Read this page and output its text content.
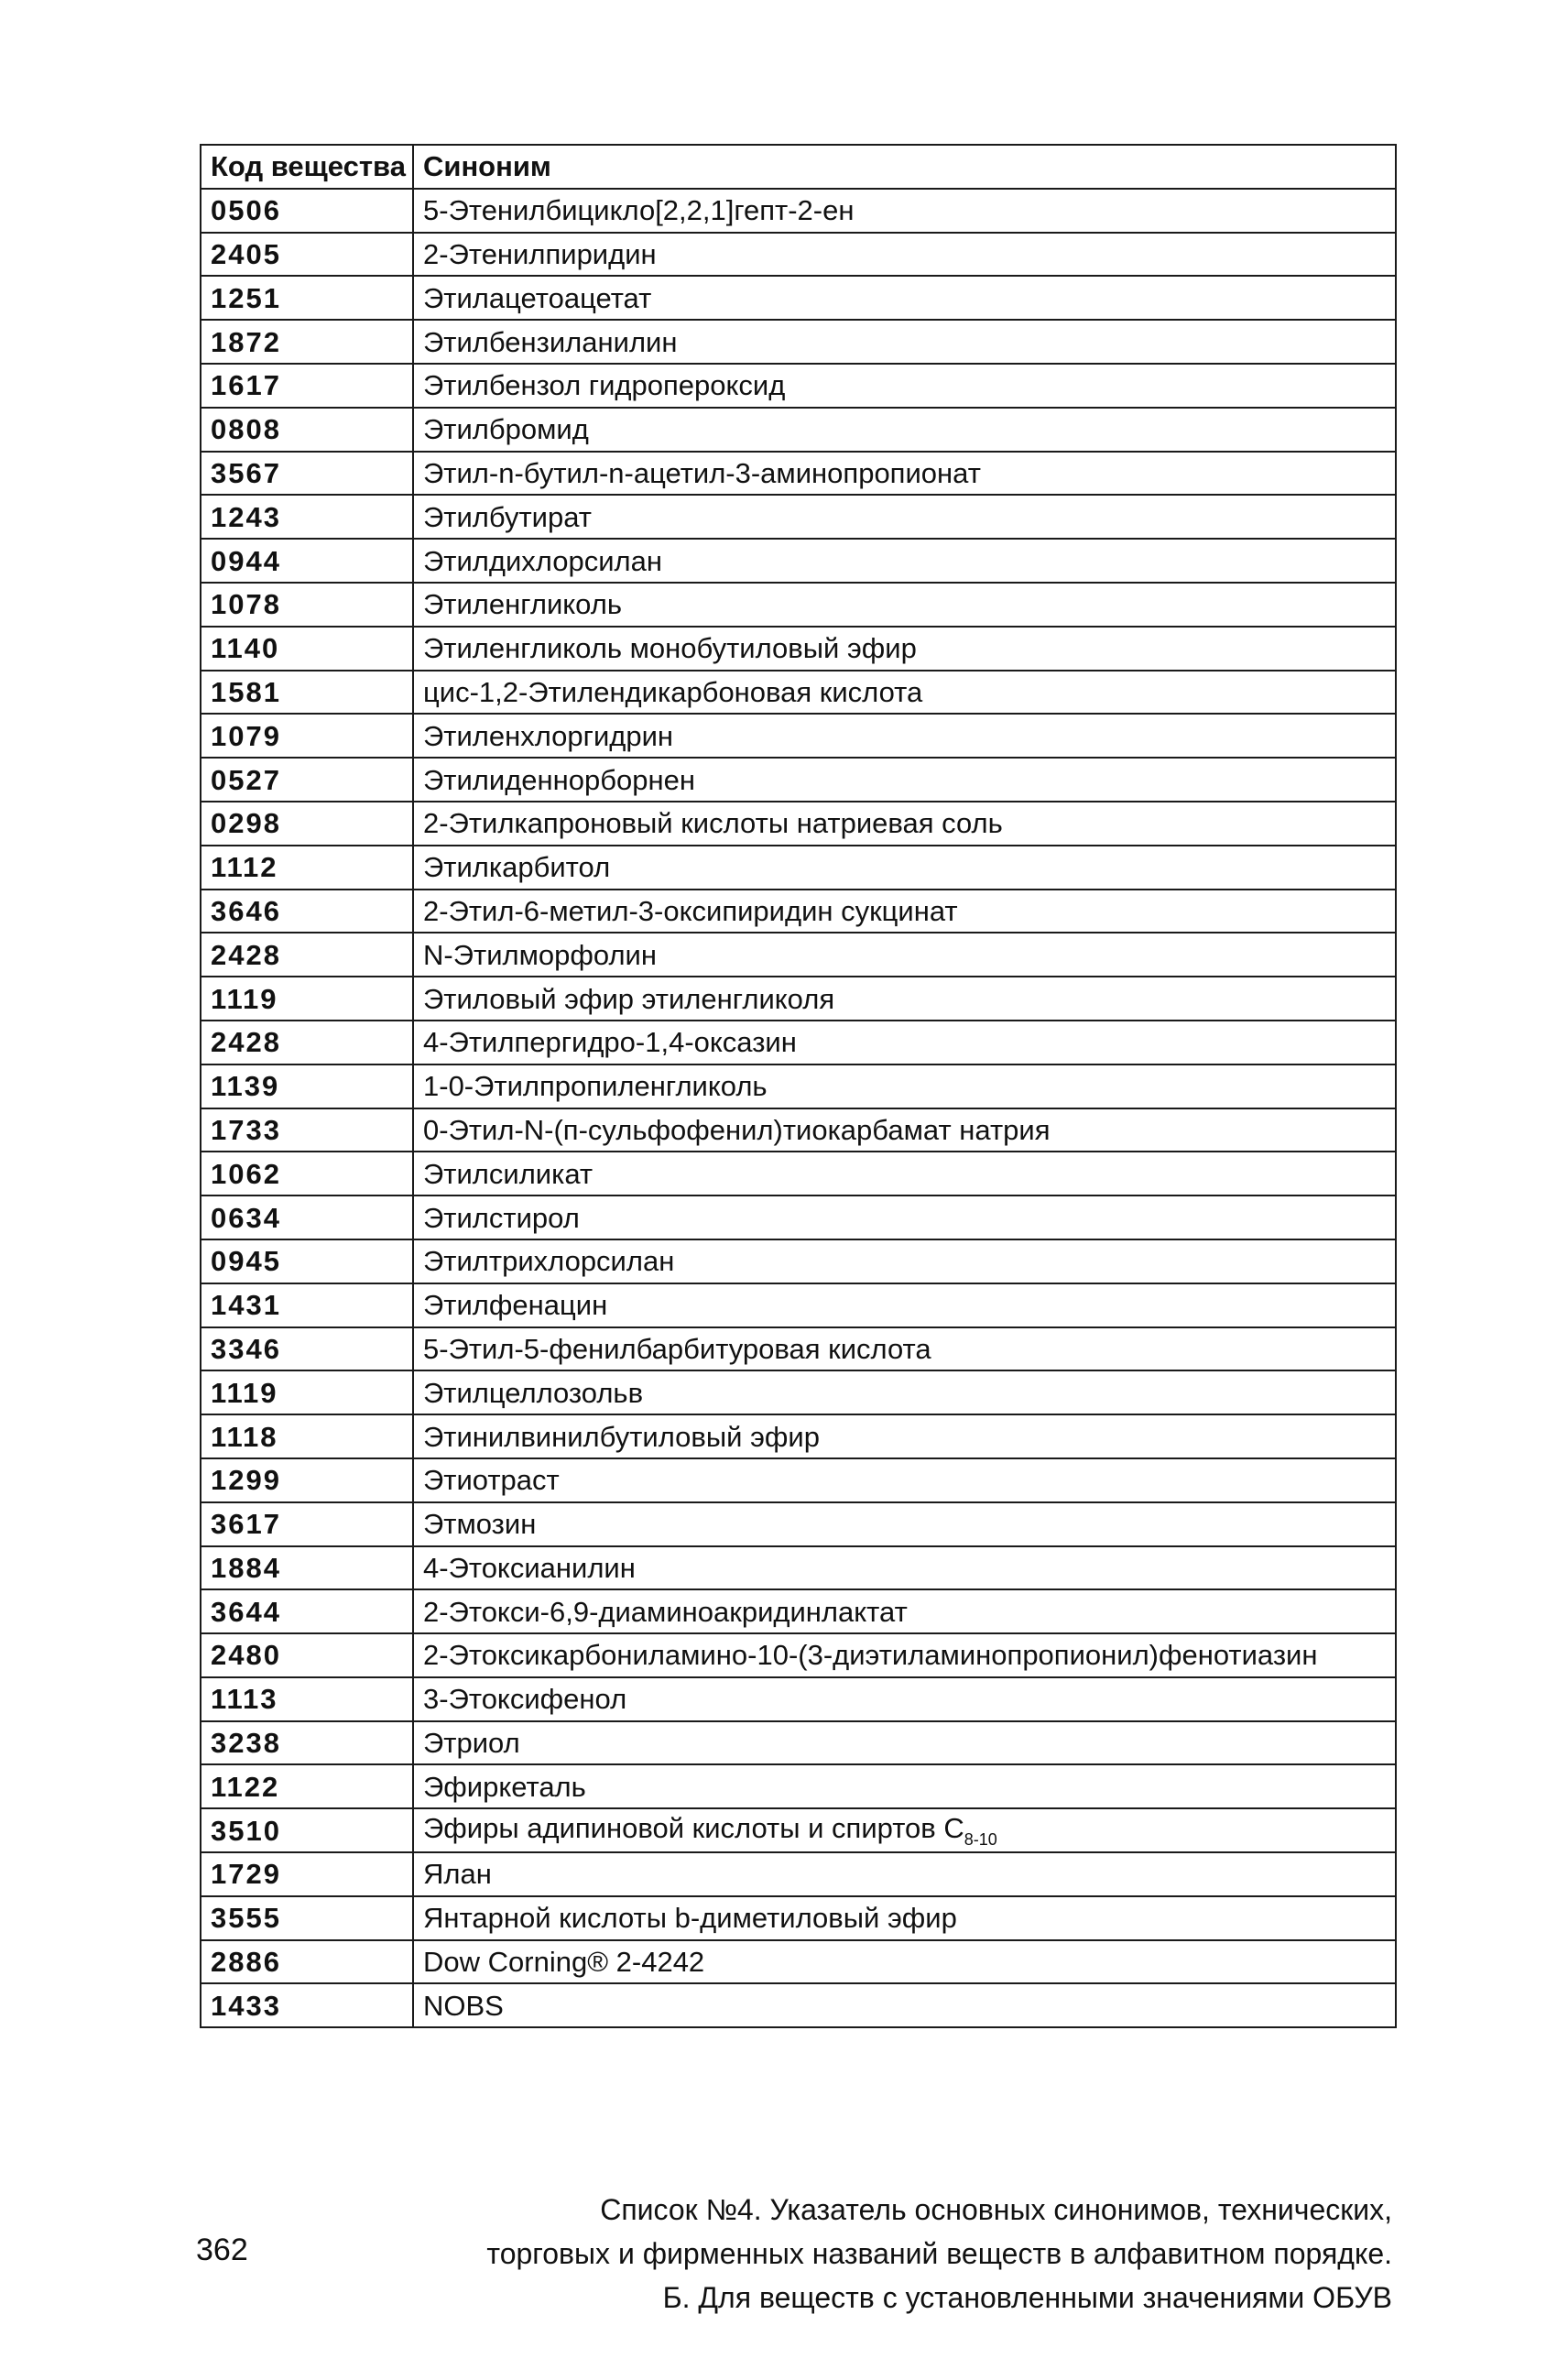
Код вещества	Синоним
0506	5-Этенилбицикло[2,2,1]гепт-2-ен
2405	2-Этенилпиридин
1251	Этилацетоацетат
1872	Этилбензиланилин
1617	Этилбензол гидропероксид
0808	Этилбромид
3567	Этил-n-бутил-n-ацетил-3-аминопропионат
1243	Этилбутират
0944	Этилдихлорсилан
1078	Этиленгликоль
1140	Этиленгликоль монобутиловый эфир
1581	цис-1,2-Этилендикарбоновая кислота
1079	Этиленхлоргидрин
0527	Этилиденнорборнен
0298	2-Этилкапроновый кислоты натриевая соль
1112	Этилкарбитол
3646	2-Этил-6-метил-3-оксипиридин сукцинат
2428	N-Этилморфолин
1119	Этиловый эфир этиленгликоля
2428	4-Этилпергидро-1,4-оксазин
1139	1-0-Этилпропиленгликоль
1733	0-Этил-N-(п-сульфофенил)тиокарбамат натрия
1062	Этилсиликат
0634	Этилстирол
0945	Этилтрихлорсилан
1431	Этилфенацин
3346	5-Этил-5-фенилбарбитуровая кислота
1119	Этилцеллозольв
1118	Этинилвинилбутиловый эфир
1299	Этиотраст
3617	Этмозин
1884	4-Этоксианилин
3644	2-Этокси-6,9-диаминоакридинлактат
2480	2-Этоксикарбониламино-10-(3-диэтиламинопропионил)фенотиазин
1113	3-Этоксифенол
3238	Этриол
1122	Эфиркеталь
3510	Эфиры адипиновой кислоты и спиртов $C_{8-10}$
1729	Ялан
3555	Янтарной кислоты b-диметиловый эфир
2886	Dow Corning® 2-4242
1433	NOBS
362
Список №4. Указатель основных синонимов, технических,
торговых и фирменных названий веществ в алфавитном порядке.
Б. Для веществ с установленными значениями ОБУВ
